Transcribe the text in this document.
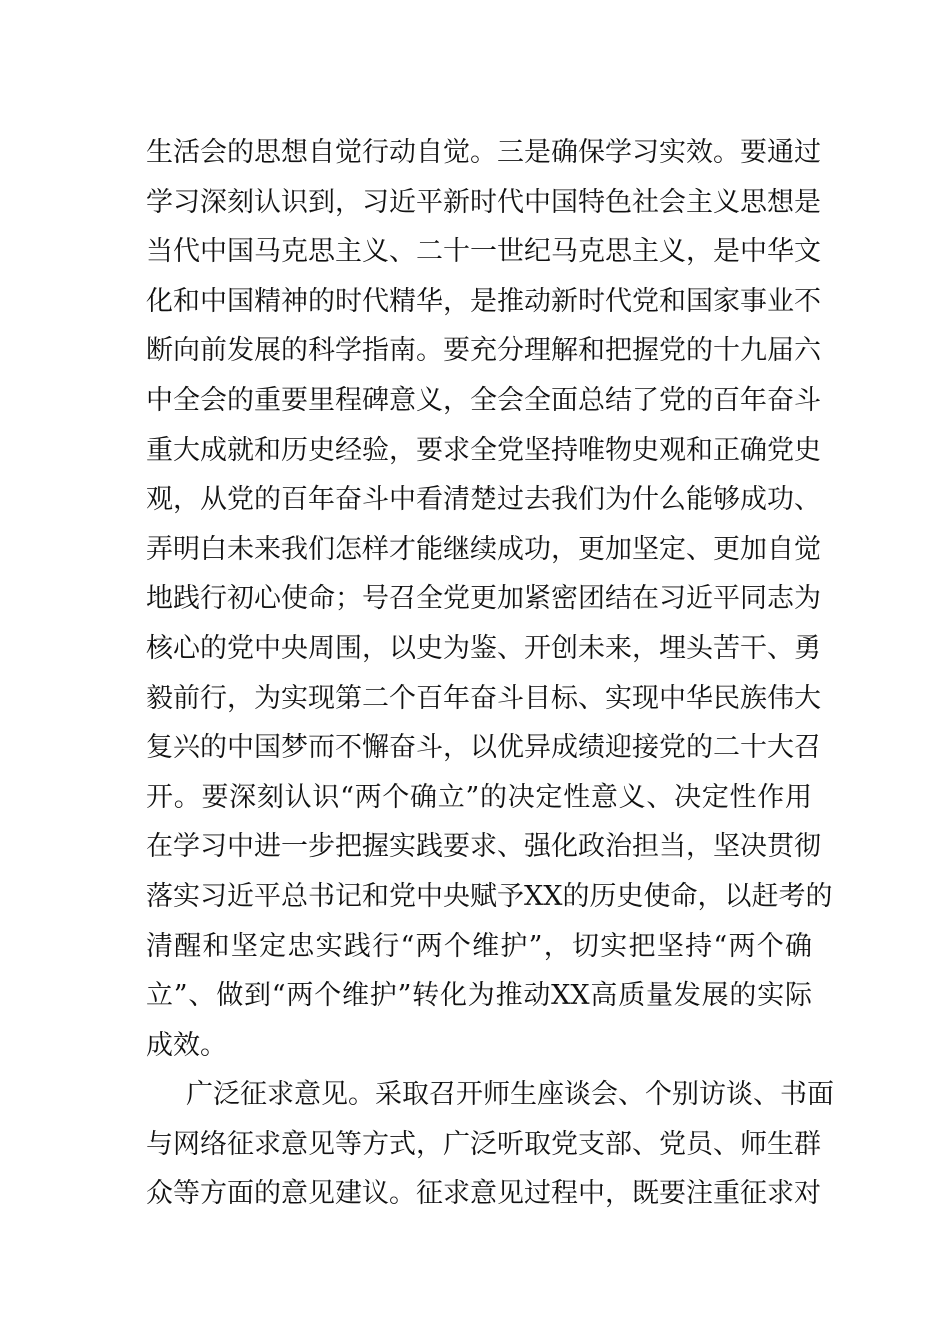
生活会的思想自觉行动自觉。三是确保学习实效。要通过
学习深刻认识到，习近平新时代中国特色社会主义思想是
当代中国马克思主义、二十一世纪马克思主义，是中华文
化和中国精神的时代精华，是推动新时代党和国家事业不
断向前发展的科学指南。要充分理解和把握党的十九届六
中全会的重要里程碑意义，全会全面总结了党的百年奋斗
重大成就和历史经验，要求全党坚持唯物史观和正确党史
观，从党的百年奋斗中看清楚过去我们为什么能够成功、
弄明白未来我们怎样才能继续成功，更加坚定、更加自觉
地践行初心使命；号召全党更加紧密团结在习近平同志为
核心的党中央周围，以史为鉴、开创未来，埋头苦干、勇
毅前行，为实现第二个百年奋斗目标、实现中华民族伟大
复兴的中国梦而不懈奋斗，以优异成绩迎接党的二十大召
开。要深刻认识“两个确立”的决定性意义、决定性作用
在学习中进一步把握实践要求、强化政治担当，坚决贯彻
落实习近平总书记和党中央赋予XX的历史使命，以赶考的
清醒和坚定忠实践行“两个维护”，切实把坚持“两个确
立”、做到“两个维护”转化为推动XX高质量发展的实际
成效。
广泛征求意见。采取召开师生座谈会、个别访谈、书面
与网络征求意见等方式，广泛听取党支部、党员、师生群
众等方面的意见建议。征求意见过程中，既要注重征求对
